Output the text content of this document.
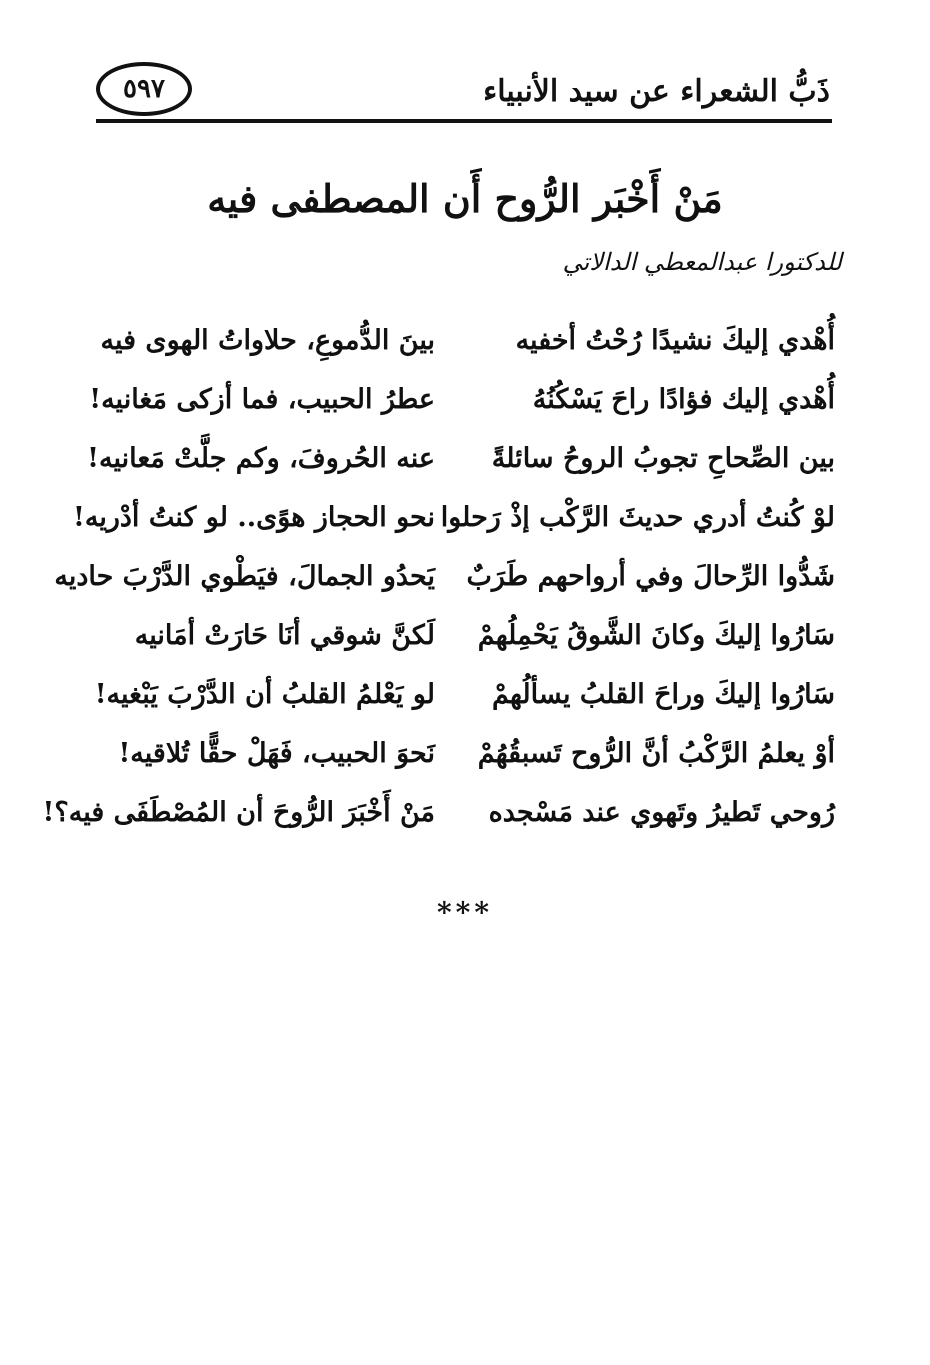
٥٩٧	ذَبُّ الشعراء عن سيد الأنبياء
مَنْ أَخْبَر الرُّوح أَن المصطفى فيه
للدكتورا عبدالمعطي الدالاتي
أُهْدي إليكَ نشيدًا رُحْتُ أخفيه
بينَ الدُّموعِ، حلاواتُ الهوى فيه
أُهْدي إليك فؤادًا راحَ يَسْكُنُهُ
عطرُ الحبيب، فما أزكى مَغانيه!
بين الصِّحاحِ تجوبُ الروحُ سائلةً
عنه الحُروفَ، وكم جلَّتْ مَعانيه!
لوْ كُنتُ أدري حديثَ الرَّكْب إذْ رَحلوا
نحو الحجاز هوًى.. لو كنتُ أدْريه!
شَدُّوا الرِّحالَ وفي أرواحهم طَرَبٌ
يَحدُو الجمالَ، فيَطْوي الدَّرْبَ حاديه
سَارُوا إليكَ وكانَ الشَّوقُ يَحْمِلُهمْ
لَكنَّ شوقي أنَا حَارَتْ أمَانيه
سَارُوا إليكَ وراحَ القلبُ يسألُهمْ
لو يَعْلمُ القلبُ أن الدَّرْبَ يَبْغيه!
أوْ يعلمُ الرَّكْبُ أنَّ الرُّوح تَسبقُهُمْ
نَحوَ الحبيب، فَهَلْ حقًّا تُلاقيه!
رُوحي تَطيرُ وتَهوي عند مَسْجده
مَنْ أَخْبَرَ الرُّوحَ أن المُصْطَفَى فيه؟!
***
